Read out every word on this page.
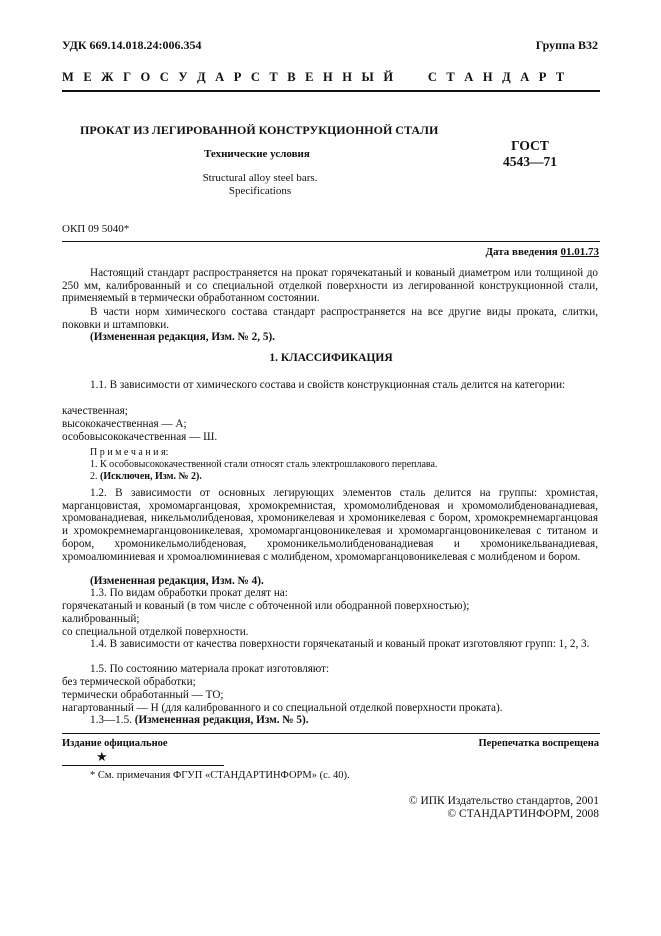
УДК 669.14.018.24:006.354	Группа В32
М Е Ж Г О С У Д А Р С Т В Е Н Н Ы Й     С Т А Н Д А Р Т
ПРОКАТ ИЗ ЛЕГИРОВАННОЙ КОНСТРУКЦИОННОЙ СТАЛИ
Технические условия
Structural alloy steel bars.
Specifications
ГОСТ
4543—71
ОКП 09 5040*
Дата введения 01.01.73

Настоящий стандарт распространяется на прокат горячекатаный и кованый диаметром или толщиной до 250 мм, калиброванный и со специальной отделкой поверхности из легированной конструкционной стали, применяемый в термически обработанном состоянии.

В части норм химического состава стандарт распространяется на все другие виды проката, слитки, поковки и штамповки.

(Измененная редакция, Изм. № 2, 5).

1. КЛАССИФИКАЦИЯ

1.1. В зависимости от химического состава и свойств конструкционная сталь делится на категории:

качественная;

высококачественная — А;

особовысококачественная — Ш.

П р и м е ч а н и я:

1. К особовысококачественной стали относят сталь электрошлакового переплава.

2. (Исключен, Изм. № 2).

1.2. В зависимости от основных легирующих элементов сталь делится на группы: хромистая, марганцовистая, хромомарганцовая, хромокремнистая, хромомолибденовая и хромомолибденованадиевая, хромованадиевая, никельмолибденовая, хромоникелевая и хромоникелевая с бором, хромокремнемарганцовая и хромокремнемарганцовоникелевая, хромомарганцовоникелевая и хромомарганцовоникелевая с титаном и бором, хромоникельмолибденовая, хромоникельмолибденованадиевая и хромоникельванадиевая, хромоалюминиевая и хромоалюминиевая с молибденом, хромомарганцовоникелевая с молибденом и бором.

(Измененная редакция, Изм. № 4).

1.3. По видам обработки прокат делят на:

горячекатаный и кованый (в том числе с обточенной или ободранной поверхностью);

калиброванный;

со специальной отделкой поверхности.

1.4. В зависимости от качества поверхности горячекатаный и кованый прокат изготовляют групп: 1, 2, 3.

1.5. По состоянию материала прокат изготовляют:

без термической обработки;

термически обработанный — ТО;

нагартованный — Н (для калиброванного и со специальной отделкой поверхности проката).

1.3—1.5. (Измененная редакция, Изм. № 5).

Издание официальное
★
Перепечатка воспрещена
* См. примечания ФГУП «СТАНДАРТИНФОРМ» (с. 40).
© ИПК Издательство стандартов, 2001
© СТАНДАРТИНФОРМ, 2008
